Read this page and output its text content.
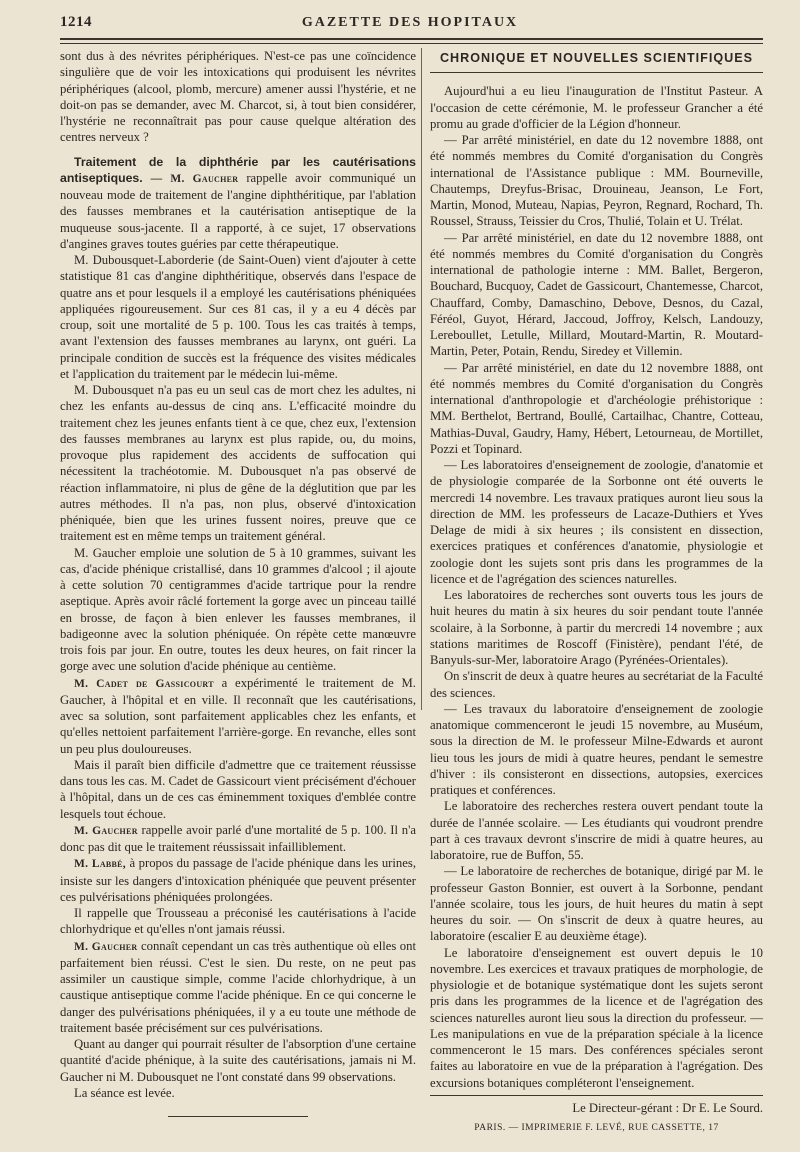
1214	GAZETTE DES HOPITAUX

sont dus à des névrites périphériques. N'est-ce pas une coïncidence singulière que de voir les intoxications qui produisent les névrites périphériques (alcool, plomb, mercure) amener aussi l'hystérie, et ne doit-on pas se demander, avec M. Charcot, si, à tout bien considérer, l'hystérie ne reconnaîtrait pas pour cause quelque altération des centres nerveux ?

Traitement de la diphthérie par les cautérisations antiseptiques. — M. Gaucher rappelle avoir communiqué un nouveau mode de traitement de l'angine diphthéritique, par l'ablation des fausses membranes et la cautérisation antiseptique de la muqueuse sous-jacente. Il a rapporté, à ce sujet, 17 observations d'angines graves toutes guéries par cette thérapeutique.

M. Dubousquet-Laborderie (de Saint-Ouen) vient d'ajouter à cette statistique 81 cas d'angine diphthéritique, observés dans l'espace de quatre ans et pour lesquels il a employé les cautérisations phéniquées appliquées rigoureusement. Sur ces 81 cas, il y a eu 4 décès par croup, soit une mortalité de 5 p. 100. Tous les cas traités à temps, avant l'extension des fausses membranes au larynx, ont guéri. La principale condition de succès est la fréquence des visites médicales et l'application du traitement par le médecin lui-même.

M. Dubousquet n'a pas eu un seul cas de mort chez les adultes, ni chez les enfants au-dessus de cinq ans. L'efficacité moindre du traitement chez les jeunes enfants tient à ce que, chez eux, l'extension des fausses membranes au larynx est plus rapide, ou, du moins, provoque plus rapidement des accidents de suffocation qui nécessitent la trachéotomie. M. Dubousquet n'a pas observé de réaction inflammatoire, ni plus de gêne de la déglutition que par les autres méthodes. Il n'a pas, non plus, observé d'intoxication phéniquée, bien que les urines fussent noires, preuve que ce traitement est en même temps un traitement général.

M. Gaucher emploie une solution de 5 à 10 grammes, suivant les cas, d'acide phénique cristallisé, dans 10 grammes d'alcool ; il ajoute à cette solution 70 centigrammes d'acide tartrique pour la rendre aseptique. Après avoir râclé fortement la gorge avec un pinceau taillé en brosse, de façon à bien enlever les fausses membranes, il badigeonne avec la solution phéniquée. On répète cette manœuvre trois fois par jour. En outre, toutes les deux heures, on fait rincer la gorge avec une solution d'acide phénique au centième.

M. Cadet de Gassicourt a expérimenté le traitement de M. Gaucher, à l'hôpital et en ville. Il reconnaît que les cautérisations, avec sa solution, sont parfaitement applicables chez les enfants, et qu'elles nettoient parfaitement l'arrière-gorge. En revanche, elles sont un peu plus douloureuses.

Mais il paraît bien difficile d'admettre que ce traitement réussisse dans tous les cas. M. Cadet de Gassicourt vient précisément d'échouer à l'hôpital, dans un de ces cas éminemment toxiques d'emblée contre lesquels tout échoue.

M. Gaucher rappelle avoir parlé d'une mortalité de 5 p. 100. Il n'a donc pas dit que le traitement réussissait infailliblement.

M. Labbé, à propos du passage de l'acide phénique dans les urines, insiste sur les dangers d'intoxication phéniquée que peuvent présenter ces pulvérisations phéniquées prolongées.

Il rappelle que Trousseau a préconisé les cautérisations à l'acide chlorhydrique et qu'elles n'ont jamais réussi.

M. Gaucher connaît cependant un cas très authentique où elles ont parfaitement bien réussi. C'est le sien. Du reste, on ne peut pas assimiler un caustique simple, comme l'acide chlorhydrique, à un caustique antiseptique comme l'acide phénique. En ce qui concerne le danger des pulvérisations phéniquées, il y a eu toute une méthode de traitement basée précisément sur ces pulvérisations.

Quant au danger qui pourrait résulter de l'absorption d'une certaine quantité d'acide phénique, à la suite des cautérisations, jamais ni M. Gaucher ni M. Dubousquet ne l'ont constaté dans 99 observations.

La séance est levée.

CHRONIQUE ET NOUVELLES SCIENTIFIQUES

Aujourd'hui a eu lieu l'inauguration de l'Institut Pasteur. A l'occasion de cette cérémonie, M. le professeur Grancher a été promu au grade d'officier de la Légion d'honneur.

— Par arrêté ministériel, en date du 12 novembre 1888, ont été nommés membres du Comité d'organisation du Congrès international de l'Assistance publique : MM. Bourneville, Chautemps, Dreyfus-Brisac, Drouineau, Jeanson, Le Fort, Martin, Monod, Muteau, Napias, Peyron, Regnard, Rochard, Th. Roussel, Strauss, Teissier du Cros, Thulié, Tolain et U. Trélat.

— Par arrêté ministériel, en date du 12 novembre 1888, ont été nommés membres du Comité d'organisation du Congrès international de pathologie interne : MM. Ballet, Bergeron, Bouchard, Bucquoy, Cadet de Gassicourt, Chantemesse, Charcot, Chauffard, Comby, Damaschino, Debove, Desnos, du Cazal, Féréol, Guyot, Hérard, Jaccoud, Joffroy, Kelsch, Landouzy, Lereboullet, Letulle, Millard, Moutard-Martin, R. Moutard-Martin, Peter, Potain, Rendu, Siredey et Villemin.

— Par arrêté ministériel, en date du 12 novembre 1888, ont été nommés membres du Comité d'organisation du Congrès international d'anthropologie et d'archéologie préhistorique : MM. Berthelot, Bertrand, Boullé, Cartailhac, Chantre, Cotteau, Mathias-Duval, Gaudry, Hamy, Hébert, Letourneau, de Mortillet, Pozzi et Topinard.

— Les laboratoires d'enseignement de zoologie, d'anatomie et de physiologie comparée de la Sorbonne ont été ouverts le mercredi 14 novembre. Les travaux pratiques auront lieu sous la direction de MM. les professeurs de Lacaze-Duthiers et Yves Delage de midi à six heures ; ils consistent en dissection, exercices pratiques et conférences d'anatomie, physiologie et zoologie dont les sujets sont pris dans les programmes de la licence et de l'agrégation des sciences naturelles.

Les laboratoires de recherches sont ouverts tous les jours de huit heures du matin à six heures du soir pendant toute l'année scolaire, à la Sorbonne, à partir du mercredi 14 novembre ; aux stations maritimes de Roscoff (Finistère), pendant l'été, de Banyuls-sur-Mer, laboratoire Arago (Pyrénées-Orientales).

On s'inscrit de deux à quatre heures au secrétariat de la Faculté des sciences.

— Les travaux du laboratoire d'enseignement de zoologie anatomique commenceront le jeudi 15 novembre, au Muséum, sous la direction de M. le professeur Milne-Edwards et auront lieu tous les jours de midi à quatre heures, pendant le semestre d'hiver : ils consisteront en dissections, autopsies, exercices pratiques et conférences.

Le laboratoire des recherches restera ouvert pendant toute la durée de l'année scolaire. — Les étudiants qui voudront prendre part à ces travaux devront s'inscrire de midi à quatre heures, au laboratoire, rue de Buffon, 55.

— Le laboratoire de recherches de botanique, dirigé par M. le professeur Gaston Bonnier, est ouvert à la Sorbonne, pendant l'année scolaire, tous les jours, de huit heures du matin à sept heures du soir. — On s'inscrit de deux à quatre heures, au laboratoire (escalier E au deuxième étage).

Le laboratoire d'enseignement est ouvert depuis le 10 novembre. Les exercices et travaux pratiques de morphologie, de physiologie et de botanique systématique dont les sujets seront pris dans les programmes de la licence et de l'agrégation des sciences naturelles auront lieu sous la direction du professeur. — Les manipulations en vue de la préparation spéciale à la licence commenceront le 15 mars. Des conférences spéciales seront faites au laboratoire en vue de la préparation à l'agrégation. Des excursions botaniques compléteront l'enseignement.

Le Directeur-gérant : Dr E. Le Sourd.
PARIS. — IMPRIMERIE F. LEVÉ, RUE CASSETTE, 17
